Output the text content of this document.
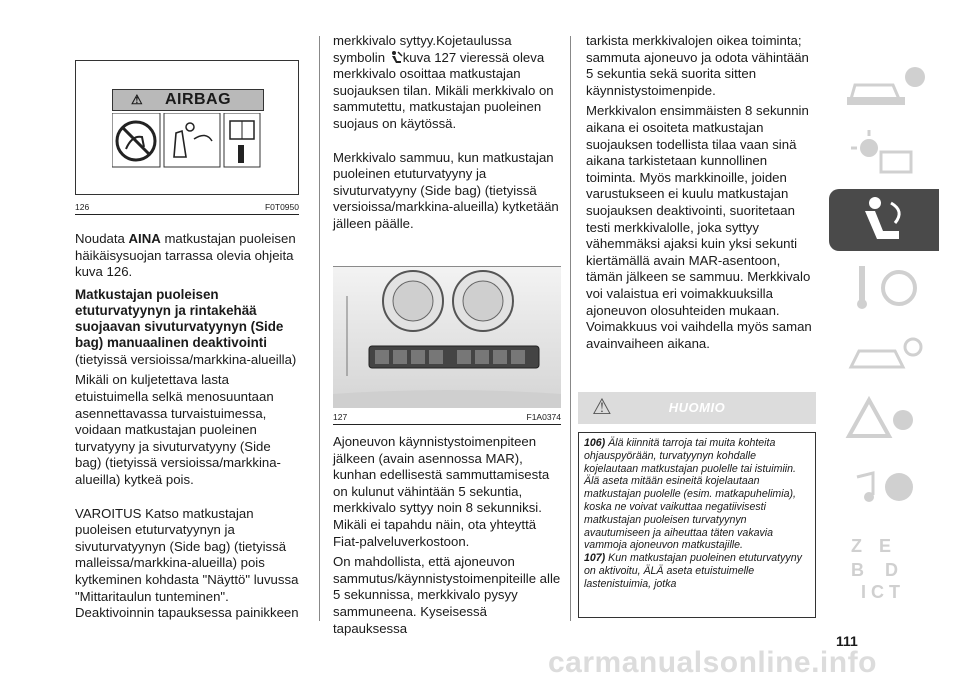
⚠ AIRBAG
126	F0T0950

Noudata AINA matkustajan puoleisen häikäisysuojan tarrassa olevia ohjeita kuva 126.

Matkustajan puoleisen etuturvatyynyn ja rintakehää suojaavan sivuturvatyynyn (Side bag) manuaalinen deaktivointi

(tietyissä versioissa/markkina-alueilla)

Mikäli on kuljetettava lasta etuistuimella selkä menosuuntaan asennettavassa turvaistuimessa, voidaan matkustajan puoleinen turvatyyny ja sivuturvatyyny (Side bag) (tietyissä versioissa/markkina-alueilla) kytkeä pois.

VAROITUS Katso matkustajan puoleisen etuturvatyynyn ja sivuturvatyynyn (Side bag) (tietyissä malleissa/markkina-alueilla) pois kytkeminen kohdasta "Näyttö" luvussa "Mittaritaulun tunteminen". Deaktivoinnin tapauksessa painikkeen

merkkivalo syttyy.Kojetaulussa symbolin kuva 127 vieressä oleva merkkivalo osoittaa matkustajan suojauksen tilan. Mikäli merkkivalo on sammutettu, matkustajan puoleinen suojaus on käytössä.

Merkkivalo sammuu, kun matkustajan puoleinen etuturvatyyny ja sivuturvatyyny (Side bag) (tietyissä versioissa/markkina-alueilla) kytketään jälleen päälle.

127	F1A0374

Ajoneuvon käynnistystoimenpiteen jälkeen (avain asennossa MAR), kunhan edellisestä sammuttamisesta on kulunut vähintään 5 sekuntia, merkkivalo syttyy noin 8 sekunniksi. Mikäli ei tapahdu näin, ota yhteyttä Fiat-palveluverkostoon.

On mahdollista, että ajoneuvon sammutus/käynnistystoimenpiteille alle 5 sekunnissa, merkkivalo pysyy sammuneena. Kyseisessä tapauksessa

tarkista merkkivalojen oikea toiminta; sammuta ajoneuvo ja odota vähintään 5 sekuntia sekä suorita sitten käynnistystoimenpide.

Merkkivalon ensimmäisten 8 sekunnin aikana ei osoiteta matkustajan suojauksen todellista tilaa vaan sinä aikana tarkistetaan kunnollinen toiminta. Myös markkinoille, joiden varustukseen ei kuulu matkustajan suojauksen deaktivointi, suoritetaan testi merkkivalolle, joka syttyy vähemmäksi ajaksi kuin yksi sekunti kiertämällä avain MAR-asentoon, tämän jälkeen se sammuu. Merkkivalo voi valaistua eri voimakkuuksilla ajoneuvon olosuhteiden mukaan. Voimakkuus voi vaihdella myös saman avainvaiheen aikana.

⚠	HUOMIO

106) Älä kiinnitä tarroja tai muita kohteita ohjauspyörään, turvatyynyn kohdalle kojelautaan matkustajan puolelle tai istuimiin. Älä aseta mitään esineitä kojelautaan matkustajan puolelle (esim. matkapuhelimia), koska ne voivat vaikuttaa negatiivisesti matkustajan puoleisen turvatyynyn avautumiseen ja aiheuttaa täten vakavia vammoja ajoneuvon matkustajille.

107) Kun matkustajan puoleinen etuturvatyyny on aktivoitu, ÄLÄ aseta etuistuimelle lastenistuimia, jotka

111
Z E
B D
I C T
carmanualsonline.info
